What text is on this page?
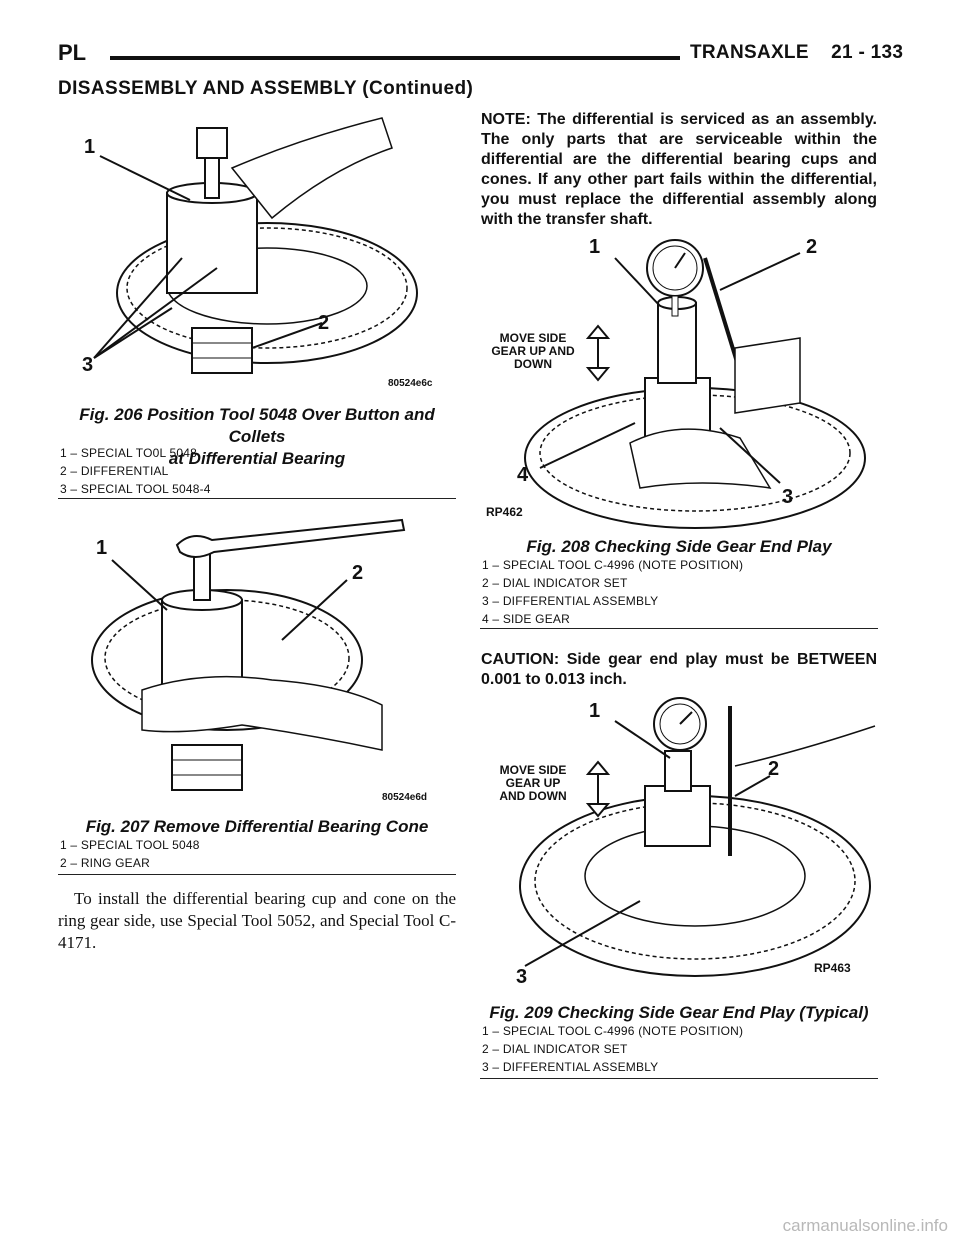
PL	TRANSAXLE 21 - 133
DISASSEMBLY AND ASSEMBLY (Continued)
1
2
3
80524e6c
Fig. 206 Position Tool 5048 Over Button and Collets
at Differential Bearing
1 – SPECIAL TO0L 5048
2 – DIFFERENTIAL
3 – SPECIAL TOOL 5048-4
1
2
80524e6d
Fig. 207 Remove Differential Bearing Cone
1 – SPECIAL TOOL 5048
2 – RING GEAR
To install the differential bearing cup and cone on the ring gear side, use Special Tool 5052, and Special Tool C-4171.
NOTE: The differential is serviced as an assembly. The only parts that are serviceable within the differential are the differential bearing cups and cones. If any other part fails within the differential, you must replace the differential assembly along with the transfer shaft.
1	2
3
4
MOVE SIDE
GEAR UP AND
DOWN
RP462
Fig. 208 Checking Side Gear End Play
1 – SPECIAL TOOL C-4996 (NOTE POSITION)
2 – DIAL INDICATOR SET
3 – DIFFERENTIAL ASSEMBLY
4 – SIDE GEAR
CAUTION: Side gear end play must be BETWEEN 0.001 to 0.013 inch.
1
2
3
MOVE SIDE
GEAR UP
AND DOWN
RP463
Fig. 209 Checking Side Gear End Play (Typical)
1 – SPECIAL TOOL C-4996 (NOTE POSITION)
2 – DIAL INDICATOR SET
3 – DIFFERENTIAL ASSEMBLY
carmanualsonline.info
